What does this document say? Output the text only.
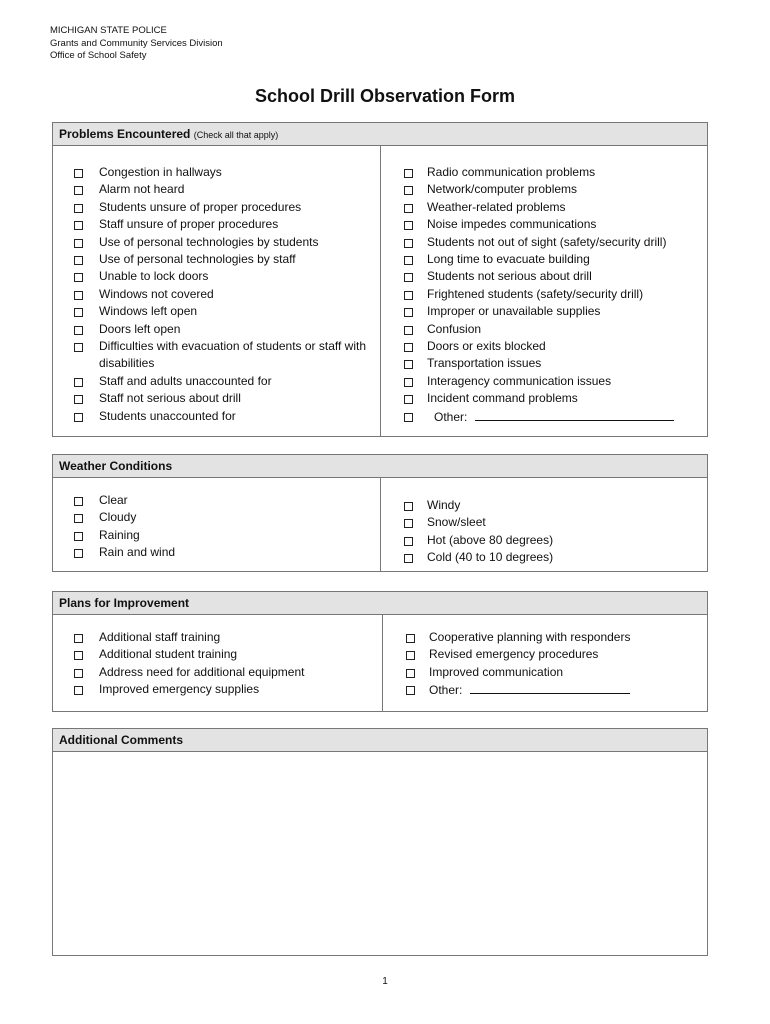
MICHIGAN STATE POLICE
Grants and Community Services Division
Office of School Safety
School Drill Observation Form
Problems Encountered (Check all that apply)
Congestion in hallways
Alarm not heard
Students unsure of proper procedures
Staff unsure of proper procedures
Use of personal technologies by students
Use of personal technologies by staff
Unable to lock doors
Windows not covered
Windows left open
Doors left open
Difficulties with evacuation of students or staff with disabilities
Staff and adults unaccounted for
Staff not serious about drill
Students unaccounted for
Radio communication problems
Network/computer problems
Weather-related problems
Noise impedes communications
Students not out of sight (safety/security drill)
Long time to evacuate building
Students not serious about drill
Frightened students (safety/security drill)
Improper or unavailable supplies
Confusion
Doors or exits blocked
Transportation issues
Interagency communication issues
Incident command problems
Other:
Weather Conditions
Clear
Cloudy
Raining
Rain and wind
Windy
Snow/sleet
Hot (above 80 degrees)
Cold (40 to 10 degrees)
Plans for Improvement
Additional staff training
Additional student training
Address need for additional equipment
Improved emergency supplies
Cooperative planning with responders
Revised emergency procedures
Improved communication
Other:
Additional Comments
1
